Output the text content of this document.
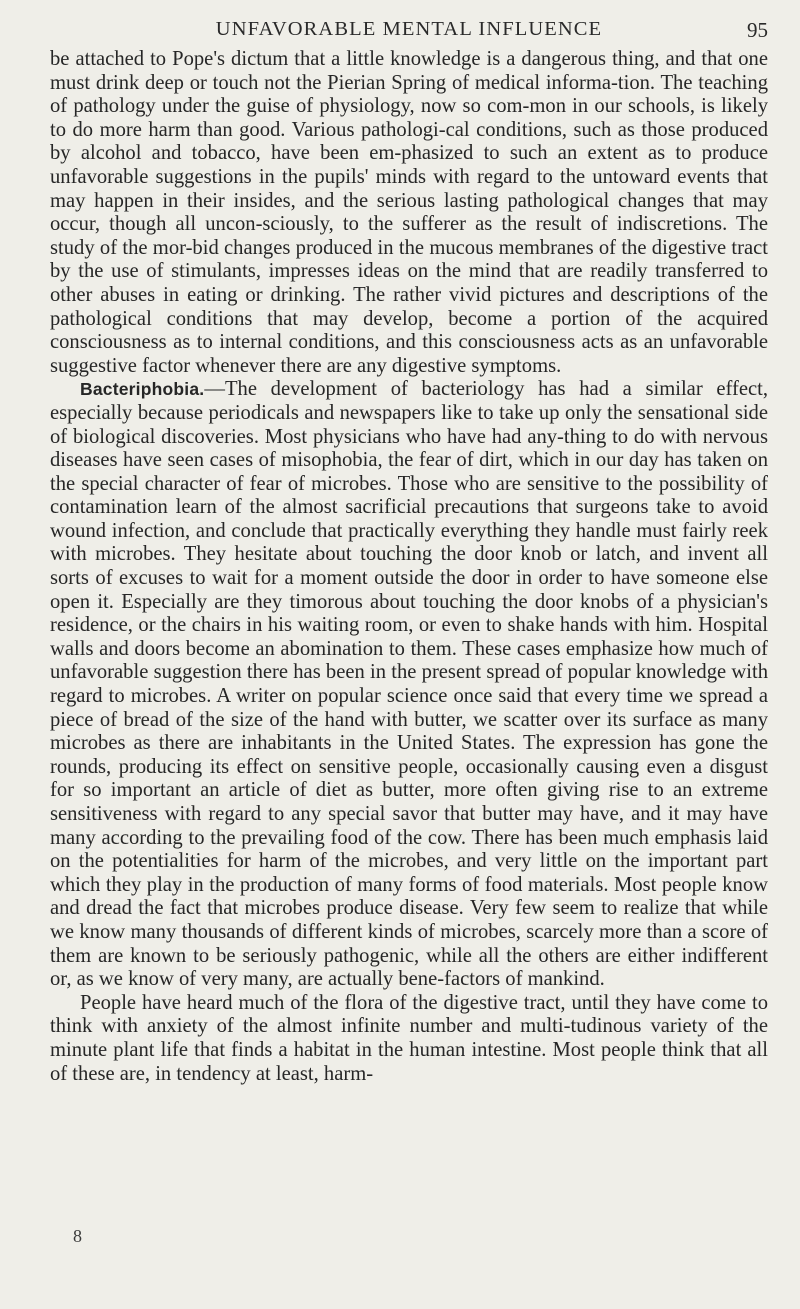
UNFAVORABLE MENTAL INFLUENCE	95

be attached to Pope's dictum that a little knowledge is a dangerous thing, and that one must drink deep or touch not the Pierian Spring of medical informa-tion. The teaching of pathology under the guise of physiology, now so com-mon in our schools, is likely to do more harm than good. Various pathologi-cal conditions, such as those produced by alcohol and tobacco, have been em-phasized to such an extent as to produce unfavorable suggestions in the pupils' minds with regard to the untoward events that may happen in their insides, and the serious lasting pathological changes that may occur, though all uncon-sciously, to the sufferer as the result of indiscretions. The study of the mor-bid changes produced in the mucous membranes of the digestive tract by the use of stimulants, impresses ideas on the mind that are readily transferred to other abuses in eating or drinking. The rather vivid pictures and descriptions of the pathological conditions that may develop, become a portion of the acquired consciousness as to internal conditions, and this consciousness acts as an unfavorable suggestive factor whenever there are any digestive symptoms.

Bacteriphobia.—The development of bacteriology has had a similar effect, especially because periodicals and newspapers like to take up only the sensational side of biological discoveries. Most physicians who have had any-thing to do with nervous diseases have seen cases of misophobia, the fear of dirt, which in our day has taken on the special character of fear of microbes. Those who are sensitive to the possibility of contamination learn of the almost sacrificial precautions that surgeons take to avoid wound infection, and conclude that practically everything they handle must fairly reek with microbes. They hesitate about touching the door knob or latch, and invent all sorts of excuses to wait for a moment outside the door in order to have someone else open it. Especially are they timorous about touching the door knobs of a physician's residence, or the chairs in his waiting room, or even to shake hands with him. Hospital walls and doors become an abomination to them. These cases emphasize how much of unfavorable suggestion there has been in the present spread of popular knowledge with regard to microbes. A writer on popular science once said that every time we spread a piece of bread of the size of the hand with butter, we scatter over its surface as many microbes as there are inhabitants in the United States. The expression has gone the rounds, producing its effect on sensitive people, occasionally causing even a disgust for so important an article of diet as butter, more often giving rise to an extreme sensitiveness with regard to any special savor that butter may have, and it may have many according to the prevailing food of the cow. There has been much emphasis laid on the potentialities for harm of the microbes, and very little on the important part which they play in the production of many forms of food materials. Most people know and dread the fact that microbes produce disease. Very few seem to realize that while we know many thousands of different kinds of microbes, scarcely more than a score of them are known to be seriously pathogenic, while all the others are either indifferent or, as we know of very many, are actually bene-factors of mankind.

People have heard much of the flora of the digestive tract, until they have come to think with anxiety of the almost infinite number and multi-tudinous variety of the minute plant life that finds a habitat in the human intestine. Most people think that all of these are, in tendency at least, harm-

8
